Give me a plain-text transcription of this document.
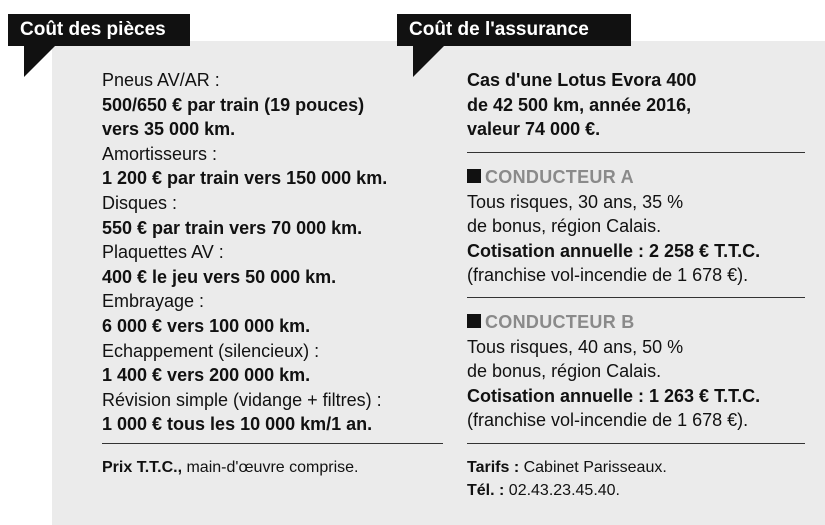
Coût des pièces	Coût de l'assurance
Pneus AV/AR :
500/650 € par train (19 pouces)
vers 35 000 km.
Amortisseurs :
1 200 € par train vers 150 000 km.
Disques :
550 € par train vers 70 000 km.
Plaquettes AV :
400 € le jeu vers 50 000 km.
Embrayage :
6 000 € vers 100 000 km.
Echappement (silencieux) :
1 400 € vers 200 000 km.
Révision simple (vidange + filtres) :
1 000 € tous les 10 000 km/1 an.
Prix T.T.C., main-d'œuvre comprise.
Cas d'une Lotus Evora 400
de 42 500 km, année 2016,
valeur 74 000 €.
CONDUCTEUR A
Tous risques, 30 ans, 35 %
de bonus, région Calais.
Cotisation annuelle : 2 258 € T.T.C.
(franchise vol-incendie de 1 678 €).
CONDUCTEUR B
Tous risques, 40 ans, 50 %
de bonus, région Calais.
Cotisation annuelle : 1 263 € T.T.C.
(franchise vol-incendie de 1 678 €).
Tarifs : Cabinet Parisseaux.
Tél. : 02.43.23.45.40.
